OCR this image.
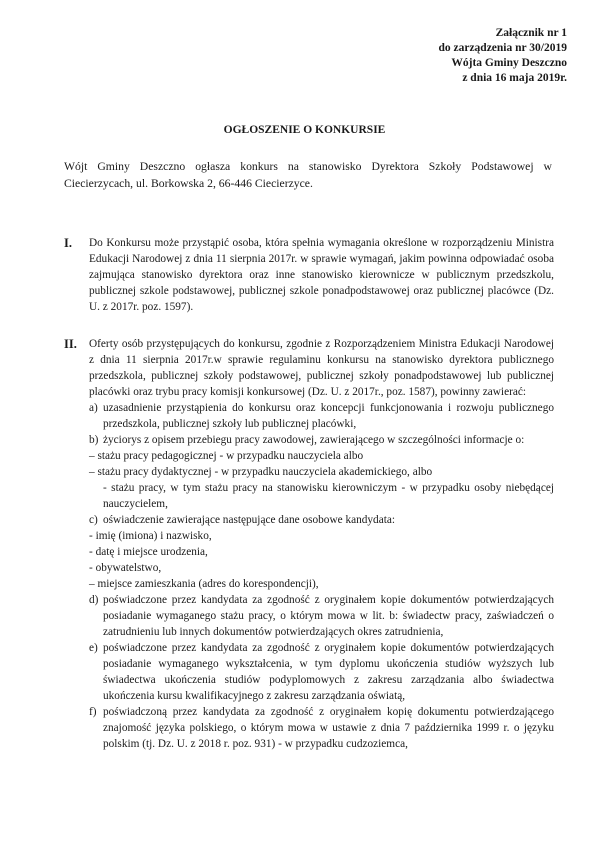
Załącznik nr 1
do zarządzenia nr 30/2019
Wójta Gminy Deszczno
z dnia 16 maja 2019r.
OGŁOSZENIE O KONKURSIE

Wójt Gminy Deszczno ogłasza konkurs na stanowisko Dyrektora Szkoły Podstawowej w Ciecierzycach, ul. Borkowska 2, 66-446 Ciecierzyce.

I. Do Konkursu może przystąpić osoba, która spełnia wymagania określone w rozporządzeniu Ministra Edukacji Narodowej z dnia 11 sierpnia 2017r. w sprawie wymagań, jakim powinna odpowiadać osoba zajmująca stanowisko dyrektora oraz inne stanowisko kierownicze w publicznym przedszkolu, publicznej szkole podstawowej, publicznej szkole ponadpodstawowej oraz publicznej placówce (Dz. U. z 2017r. poz. 1597).

II. Oferty osób przystępujących do konkursu, zgodnie z Rozporządzeniem Ministra Edukacji Narodowej z dnia 11 sierpnia 2017r.w sprawie regulaminu konkursu na stanowisko dyrektora publicznego przedszkola, publicznej szkoły podstawowej, publicznej szkoły ponadpodstawowej lub publicznej placówki oraz trybu pracy komisji konkursowej (Dz. U. z 2017r., poz. 1587), powinny zawierać:

a) uzasadnienie przystąpienia do konkursu oraz koncepcji funkcjonowania i rozwoju publicznego przedszkola, publicznej szkoły lub publicznej placówki,
b) życiorys z opisem przebiegu pracy zawodowej, zawierającego w szczególności informacje o:
– stażu pracy pedagogicznej - w przypadku nauczyciela albo
– stażu pracy dydaktycznej - w przypadku nauczyciela akademickiego, albo
- stażu pracy, w tym stażu pracy na stanowisku kierowniczym - w przypadku osoby niebędącej nauczycielem,
c) oświadczenie zawierające następujące dane osobowe kandydata:
- imię (imiona) i nazwisko,
- datę i miejsce urodzenia,
- obywatelstwo,
– miejsce zamieszkania (adres do korespondencji),
d) poświadczone przez kandydata za zgodność z oryginałem kopie dokumentów potwierdzających posiadanie wymaganego stażu pracy, o którym mowa w lit. b: świadectw pracy, zaświadczeń o zatrudnieniu lub innych dokumentów potwierdzających okres zatrudnienia,
e) poświadczone przez kandydata za zgodność z oryginałem kopie dokumentów potwierdzających posiadanie wymaganego wykształcenia, w tym dyplomu ukończenia studiów wyższych lub świadectwa ukończenia studiów podyplomowych z zakresu zarządzania albo świadectwa ukończenia kursu kwalifikacyjnego z zakresu zarządzania oświatą,
f) poświadczoną przez kandydata za zgodność z oryginałem kopię dokumentu potwierdzającego znajomość języka polskiego, o którym mowa w ustawie z dnia 7 października 1999 r. o języku polskim (tj. Dz. U. z 2018 r. poz. 931) - w przypadku cudzoziemca,
